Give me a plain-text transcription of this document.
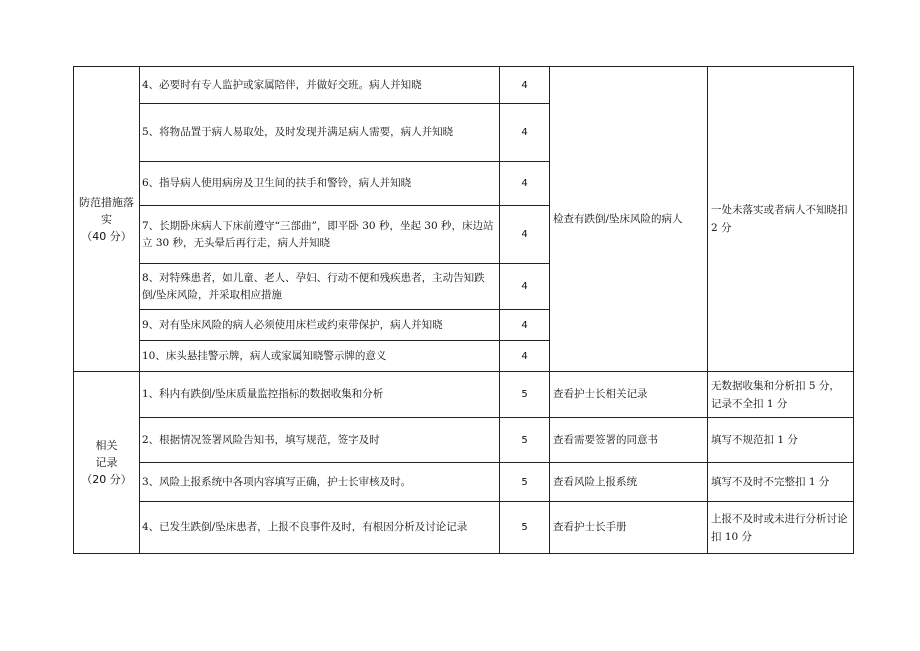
防范措施落实
（40 分）	4、必要时有专人监护或家属陪伴，并做好交班。病人并知晓	4	检查有跌倒/坠床风险的病人	一处未落实或者病人不知晓扣 2 分
	5、将物品置于病人易取处，及时发现并满足病人需要，病人并知晓	4		
	6、指导病人使用病房及卫生间的扶手和警铃，病人并知晓	4		
	7、长期卧床病人下床前遵守“三部曲”，即平卧 30 秒，坐起 30 秒，床边站立 30 秒，无头晕后再行走，病人并知晓	4		
	8、对特殊患者，如儿童、老人、孕妇、行动不便和残疾患者，主动告知跌倒/坠床风险，并采取相应措施	4		
	9、对有坠床风险的病人必须使用床栏或约束带保护，病人并知晓	4		
	10、床头悬挂警示牌，病人或家属知晓警示牌的意义	4		

相关
记录
（20 分）	1、科内有跌倒/坠床质量监控指标的数据收集和分析	5	查看护士长相关记录	无数据收集和分析扣 5 分，记录不全扣 1 分
	2、根据情况签署风险告知书，填写规范，签字及时	5	查看需要签署的同意书	填写不规范扣 1 分
	3、风险上报系统中各项内容填写正确，护士长审核及时。	5	查看风险上报系统	填写不及时不完整扣 1 分
	4、已发生跌倒/坠床患者，上报不良事件及时，有根因分析及讨论记录	5	查看护士长手册	上报不及时或未进行分析讨论扣 10 分
